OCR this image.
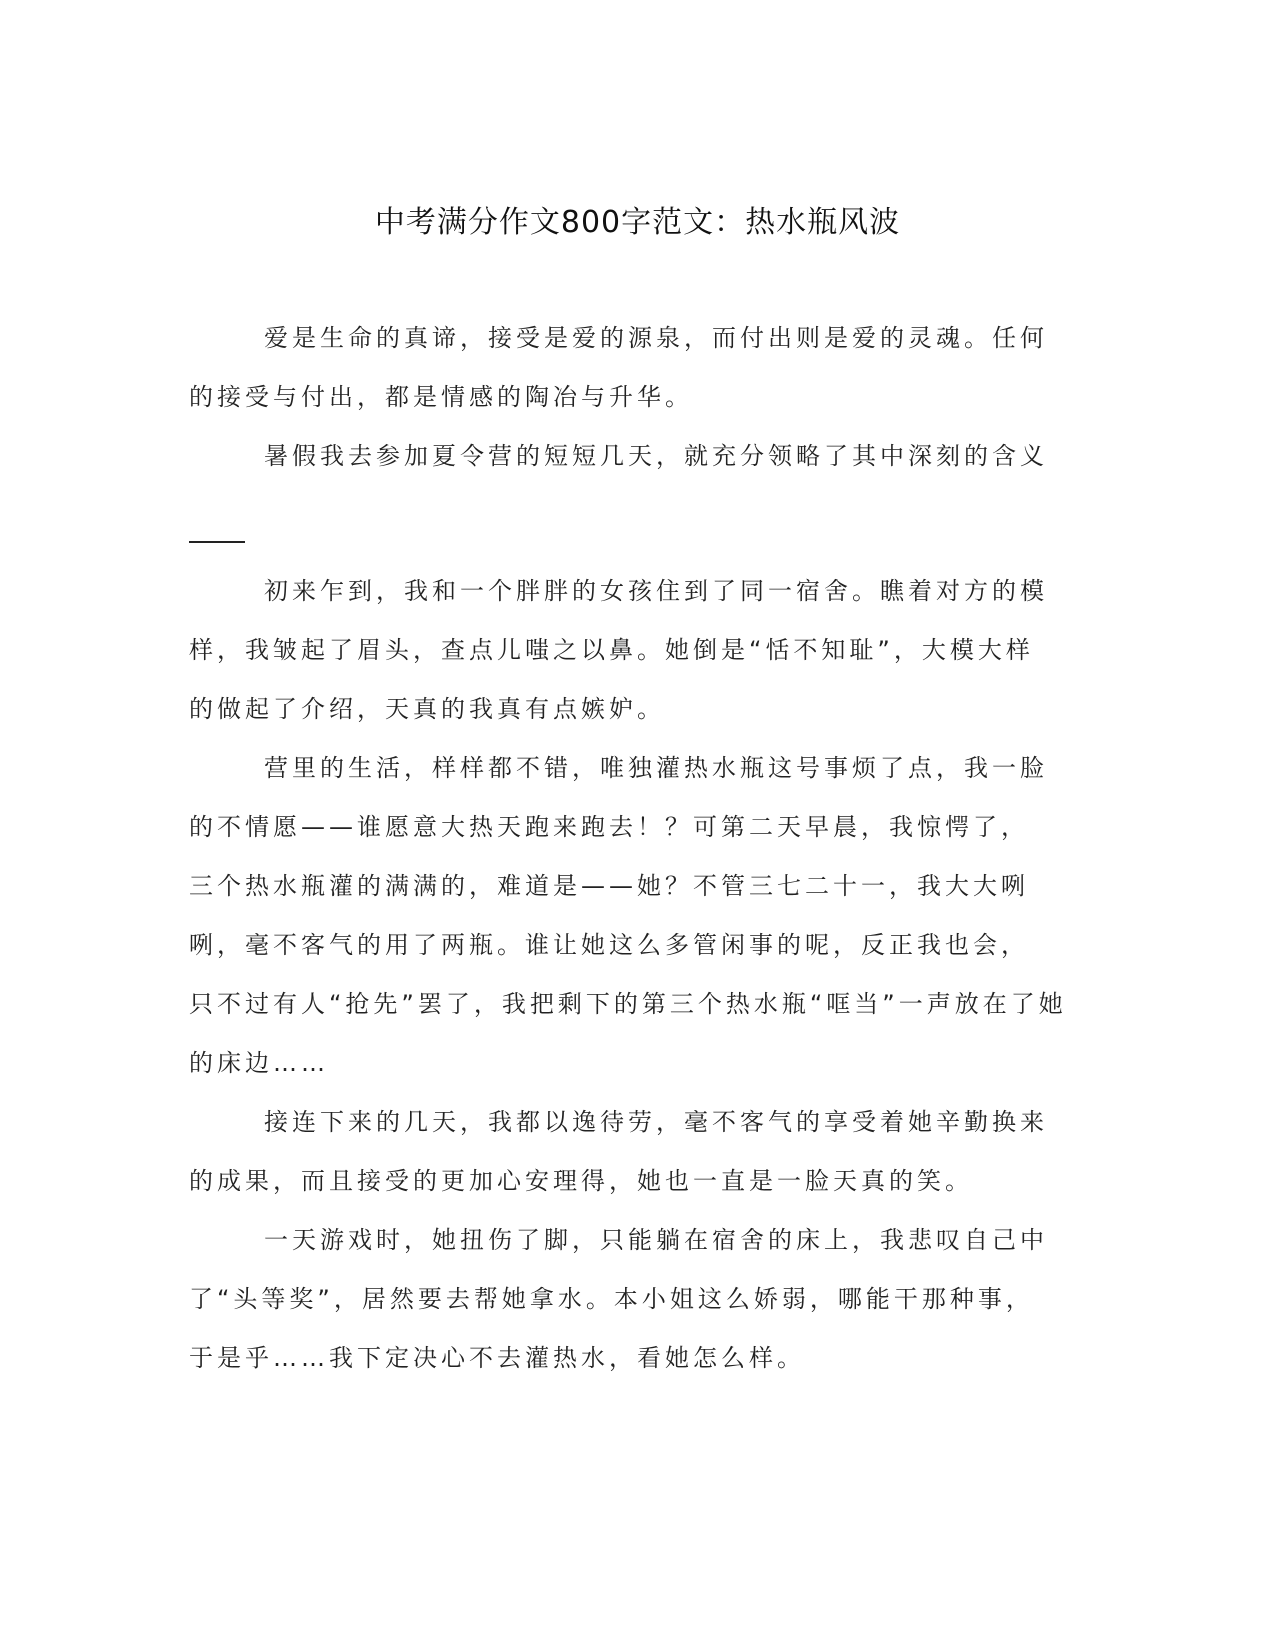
中考满分作文800字范文：热水瓶风波
爱是生命的真谛，接受是爱的源泉，而付出则是爱的灵魂。任何
的接受与付出，都是情感的陶冶与升华。
暑假我去参加夏令营的短短几天，就充分领略了其中深刻的含义
初来乍到，我和一个胖胖的女孩住到了同一宿舍。瞧着对方的模
样，我皱起了眉头，查点儿嗤之以鼻。她倒是“恬不知耻”，大模大样
的做起了介绍，天真的我真有点嫉妒。
营里的生活，样样都不错，唯独灌热水瓶这号事烦了点，我一脸
的不情愿——谁愿意大热天跑来跑去！？可第二天早晨，我惊愕了，
三个热水瓶灌的满满的，难道是——她？不管三七二十一，我大大咧
咧，毫不客气的用了两瓶。谁让她这么多管闲事的呢，反正我也会，
只不过有人“抢先”罢了，我把剩下的第三个热水瓶“哐当”一声放在了她
的床边……
接连下来的几天，我都以逸待劳，毫不客气的享受着她辛勤换来
的成果，而且接受的更加心安理得，她也一直是一脸天真的笑。
一天游戏时，她扭伤了脚，只能躺在宿舍的床上，我悲叹自己中
了“头等奖”，居然要去帮她拿水。本小姐这么娇弱，哪能干那种事，
于是乎……我下定决心不去灌热水，看她怎么样。
